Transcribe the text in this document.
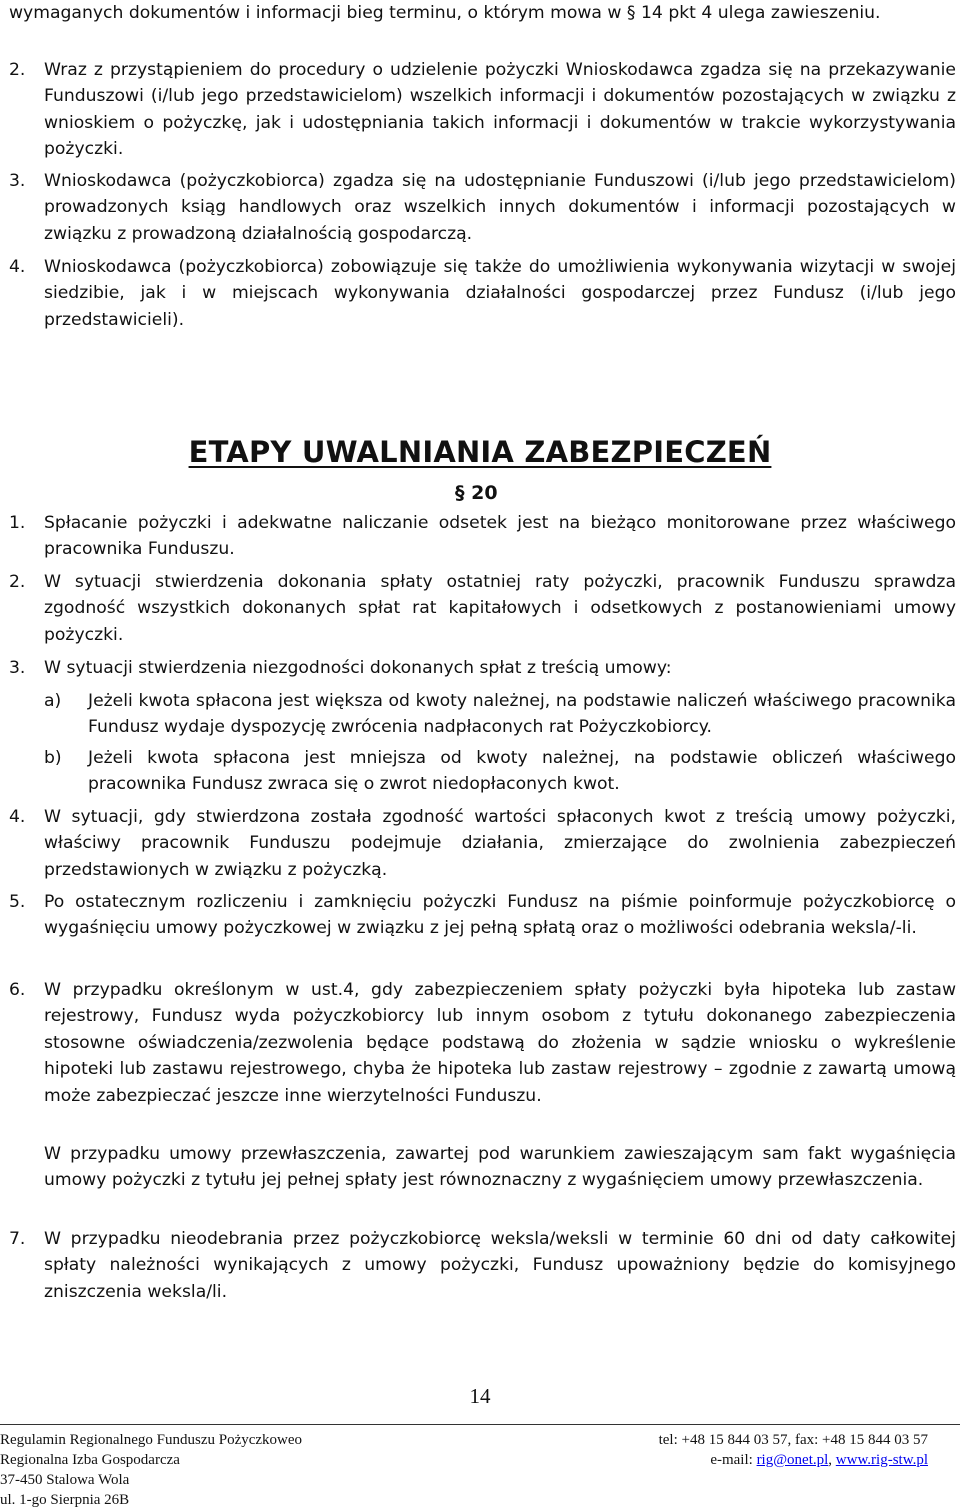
wymaganych dokumentów i informacji bieg terminu, o którym mowa w § 14 pkt 4 ulega zawieszeniu.

2.	Wraz z przystąpieniem do procedury o udzielenie pożyczki Wnioskodawca zgadza się na przekazywanie Funduszowi (i/lub jego przedstawicielom) wszelkich informacji i dokumentów pozostających w związku z wnioskiem o pożyczkę, jak i udostępniania takich informacji i dokumentów w trakcie wykorzystywania pożyczki.
3.	Wnioskodawca (pożyczkobiorca) zgadza się na udostępnianie Funduszowi (i/lub jego przedstawicielom) prowadzonych ksiąg handlowych oraz wszelkich innych dokumentów i informacji pozostających w związku z prowadzoną działalnością gospodarczą.
4.	Wnioskodawca (pożyczkobiorca) zobowiązuje się także do umożliwienia wykonywania wizytacji w swojej siedzibie, jak i w miejscach wykonywania działalności gospodarczej przez Fundusz (i/lub jego przedstawicieli).
ETAPY UWALNIANIA ZABEZPIECZEŃ
§ 20
1.	Spłacanie pożyczki i adekwatne naliczanie odsetek jest na bieżąco monitorowane przez właściwego pracownika Funduszu.
2.	W sytuacji stwierdzenia dokonania spłaty ostatniej raty pożyczki, pracownik Funduszu sprawdza zgodność wszystkich dokonanych spłat rat kapitałowych i odsetkowych z postanowieniami umowy pożyczki.
3.	W sytuacji stwierdzenia niezgodności dokonanych spłat z treścią umowy:
a)	Jeżeli kwota spłacona jest większa od kwoty należnej, na podstawie naliczeń właściwego pracownika Fundusz wydaje dyspozycję zwrócenia nadpłaconych rat Pożyczkobiorcy.
b)	Jeżeli kwota spłacona jest mniejsza od kwoty należnej, na podstawie obliczeń właściwego pracownika Fundusz zwraca się o zwrot niedopłaconych kwot.
4.	W sytuacji, gdy stwierdzona została zgodność wartości spłaconych kwot z treścią umowy pożyczki, właściwy pracownik Funduszu podejmuje działania, zmierzające do zwolnienia zabezpieczeń przedstawionych w związku z pożyczką.
5.	Po ostatecznym rozliczeniu i zamknięciu pożyczki Fundusz na piśmie poinformuje pożyczkobiorcę o wygaśnięciu umowy pożyczkowej w związku z jej pełną spłatą oraz o możliwości odebrania weksla/-li.
6.	W przypadku określonym w ust.4, gdy zabezpieczeniem spłaty pożyczki była hipoteka lub zastaw rejestrowy, Fundusz wyda pożyczkobiorcy lub innym osobom z tytułu dokonanego zabezpieczenia stosowne oświadczenia/zezwolenia będące podstawą do złożenia w sądzie wniosku o wykreślenie hipoteki lub zastawu rejestrowego, chyba że hipoteka lub zastaw rejestrowy – zgodnie z zawartą umową może zabezpieczać jeszcze inne wierzytelności Funduszu.

W przypadku umowy przewłaszczenia, zawartej pod warunkiem zawieszającym sam fakt wygaśnięcia umowy pożyczki z tytułu jej pełnej spłaty jest równoznaczny z wygaśnięciem umowy przewłaszczenia.

7.	W przypadku nieodebrania przez pożyczkobiorcę weksla/weksli w terminie 60 dni od daty całkowitej spłaty należności wynikających z umowy pożyczki, Fundusz upoważniony będzie do komisyjnego zniszczenia weksla/li.
14
Regulamin Regionalnego Funduszu Pożyczkoweo
Regionalna Izba Gospodarcza
37-450 Stalowa Wola
ul. 1-go Sierpnia 26B
tel: +48 15 844 03 57, fax: +48 15 844 03 57
e-mail: rig@onet.pl, www.rig-stw.pl
